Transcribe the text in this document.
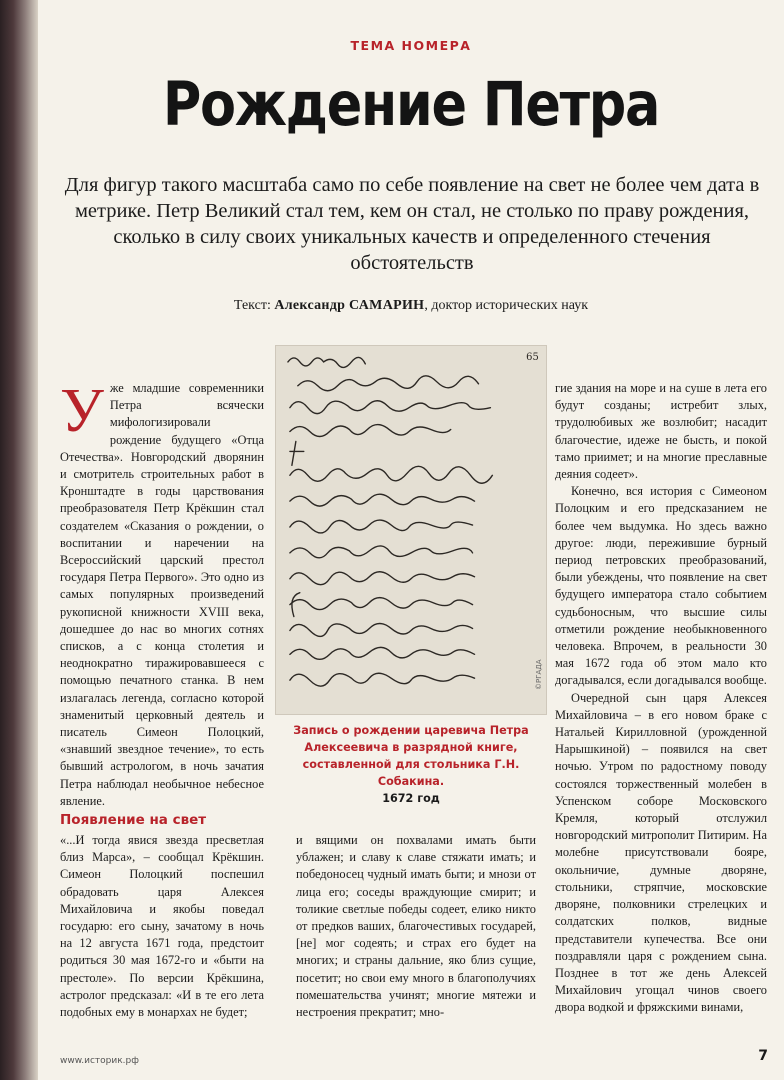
ТЕМА НОМЕРА
Рождение Петра
Для фигур такого масштаба само по себе появление на свет не более чем дата в метрике. Петр Великий стал тем, кем он стал, не столько по праву рождения, сколько в силу своих уникальных качеств и определенного стечения обстоятельств
Текст: Александр САМАРИН, доктор исторических наук
У же младшие современники Петра всячески мифологизировали рождение будущего «Отца Отечества». Новгородский дворянин и смотритель строительных работ в Кронштадте в годы царствования преобразователя Петр Крёкшин стал создателем «Сказания о рождении, о воспитании и наречении на Всероссийский царский престол государя Петра Первого». Это одно из самых популярных произведений рукописной книжности XVIII века, дошедшее до нас во многих сотнях списков, а с конца столетия и неоднократно тиражировавшееся с помощью печатного станка. В нем излагалась легенда, согласно которой знаменитый церковный деятель и писатель Симеон Полоцкий, «знавший звездное течение», то есть бывший астрологом, в ночь зачатия Петра наблюдал необычное небесное явление.

Появление на свет

«...И тогда явися звезда пресветлая близ Марса», – сообщал Крёкшин. Симеон Полоцкий поспешил обрадовать царя Алексея Михайловича и якобы поведал государю: его сыну, зачатому в ночь на 12 августа 1671 года, предстоит родиться 30 мая 1672-го и «быти на престоле». По версии Крёкшина, астролог предсказал: «И в те его лета подобных ему в монархах не будет;

65
©РГАДА
Запись о рождении царевича Петра Алексеевича в разрядной книге, составленной для стольника Г.Н. Собакина.
1672 год

и вящими он похвалами имать быти ублажен; и славу к славе стяжати имать; и победоносец чудный имать быти; и мнози от лица его; соседы враждующие смирит; и толикие светлые победы содеет, елико никто от предков ваших, благочестивых государей, [не] мог содеять; и страх его будет на многих; и страны дальние, яко близ сущие, посетит; но свои ему много в благополучиях помешательства учинят; многие мятежи и нестроения прекратит; мно-

гие здания на море и на суше в лета его будут созданы; истребит злых, трудолюбивых же возлюбит; насадит благочестие, идеже не бысть, и покой тамо приимет; и на многие преславные деяния содеет».

Конечно, вся история с Симеоном Полоцким и его предсказанием не более чем выдумка. Но здесь важно другое: люди, пережившие бурный период петровских преобразований, были убеждены, что появление на свет будущего императора стало событием судьбоносным, что высшие силы отметили рождение необыкновенного человека. Впрочем, в реальности 30 мая 1672 года об этом мало кто догадывался, если догадывался вообще.

Очередной сын царя Алексея Михайловича – в его новом браке с Натальей Кирилловной (урожденной Нарышкиной) – появился на свет ночью. Утром по радостному поводу состоялся торжественный молебен в Успенском соборе Московского Кремля, который отслужил новгородский митрополит Питирим. На молебне присутствовали бояре, окольничие, думные дворяне, стольники, стряпчие, московские дворяне, полковники стрелецких и солдатских полков, видные представители купечества. Все они поздравляли царя с рождением сына. Позднее в тот же день Алексей Михайлович угощал чинов своего двора водкой и фряжскими винами,

www.историк.рф	7
